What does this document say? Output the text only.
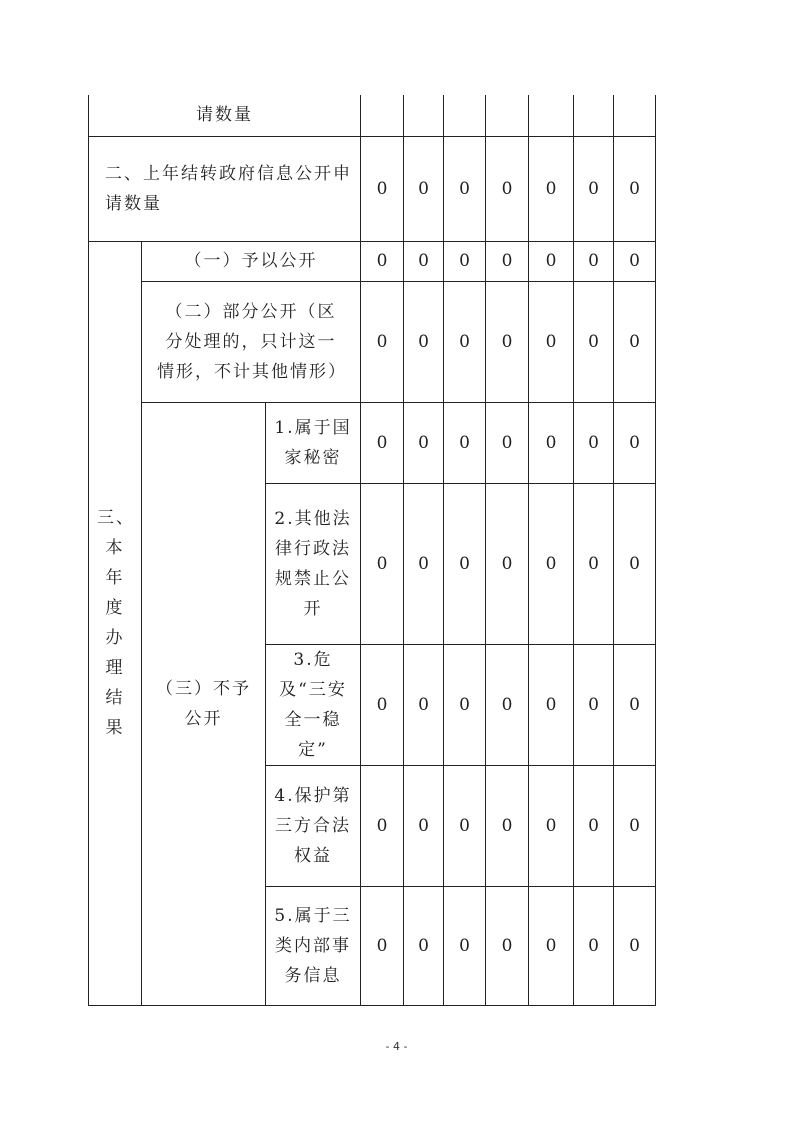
请数量									
二、上年结转政府信息公开申请数量			0	0	0	0	0	0	0
三、本年度办理结果	（一）予以公开		0	0	0	0	0	0	0
	（二）部分公开（区分处理的，只计这一情形，不计其他情形）		0	0	0	0	0	0	0
	（三）不予公开	1.属于国家秘密	0	0	0	0	0	0	0
		2.其他法律行政法规禁止公开	0	0	0	0	0	0	0
		3.危及“三安全一稳定”	0	0	0	0	0	0	0
		4.保护第三方合法权益	0	0	0	0	0	0	0
		5.属于三类内部事务信息	0	0	0	0	0	0	0
- 4 -
